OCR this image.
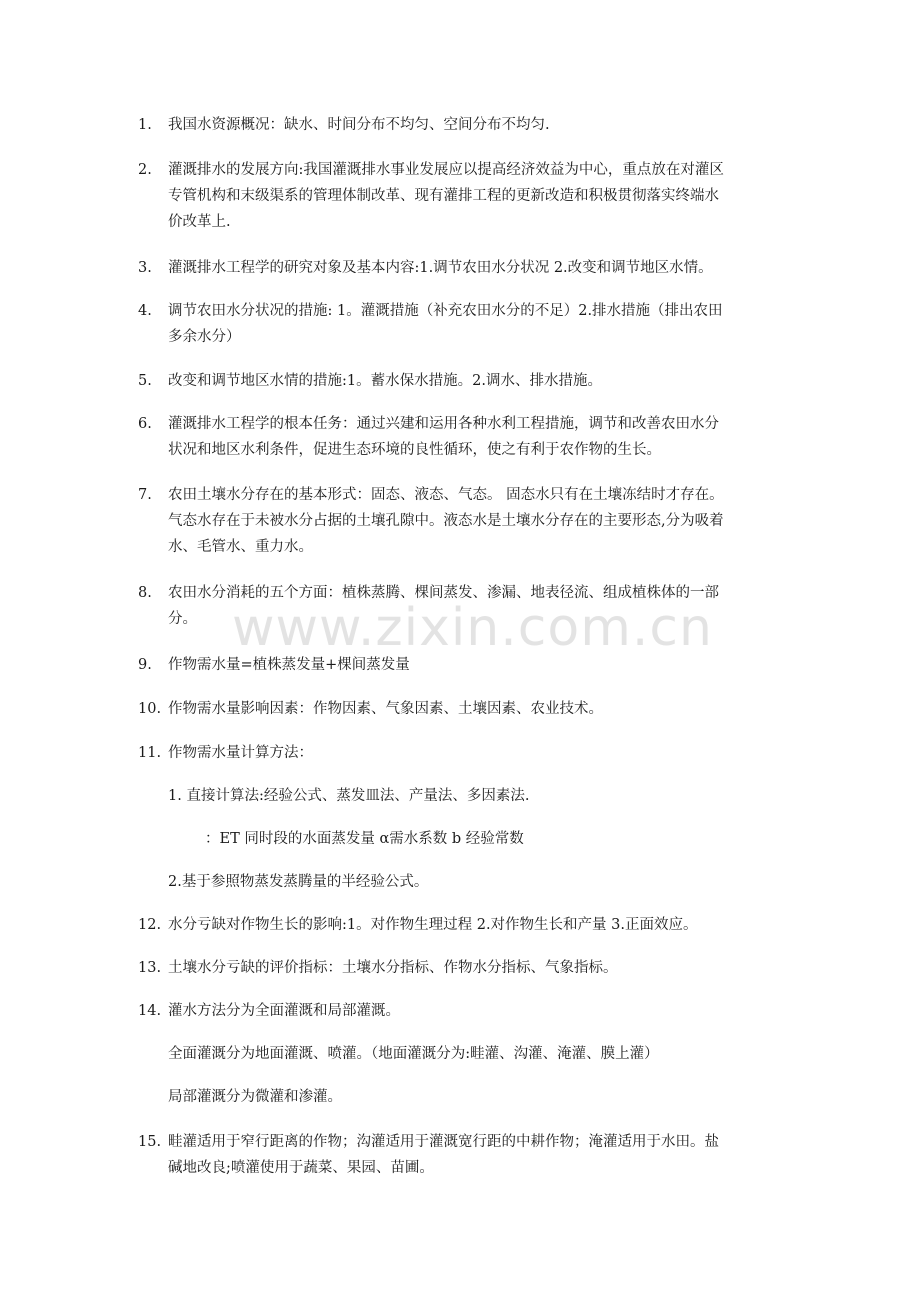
www.zixin.com.cn
1.	我国水资源概况：缺水、时间分布不均匀、空间分布不均匀.
2.	灌溉排水的发展方向:我国灌溉排水事业发展应以提高经济效益为中心，重点放在对灌区
专管机构和末级渠系的管理体制改革、现有灌排工程的更新改造和积极贯彻落实终端水
价改革上.
3.	灌溉排水工程学的研究对象及基本内容:1.调节农田水分状况 2.改变和调节地区水情。
4.	调节农田水分状况的措施: 1。灌溉措施（补充农田水分的不足）2.排水措施（排出农田
多余水分）
5.	改变和调节地区水情的措施:1。蓄水保水措施。2.调水、排水措施。
6.	灌溉排水工程学的根本任务：通过兴建和运用各种水利工程措施，调节和改善农田水分
状况和地区水利条件，促进生态环境的良性循环，使之有利于农作物的生长。
7.	农田土壤水分存在的基本形式：固态、液态、气态。 固态水只有在土壤冻结时才存在。
气态水存在于未被水分占据的土壤孔隙中。液态水是土壤水分存在的主要形态,分为吸着
水、毛管水、重力水。
8.	农田水分消耗的五个方面：植株蒸腾、棵间蒸发、渗漏、地表径流、组成植株体的一部
分。
9.	作物需水量=植株蒸发量+棵间蒸发量
10. 作物需水量影响因素：作物因素、气象因素、土壤因素、农业技术。
11. 作物需水量计算方法：
1. 直接计算法:经验公式、蒸发皿法、产量法、多因素法.
：ET 同时段的水面蒸发量 α需水系数 b 经验常数
2.基于参照物蒸发蒸腾量的半经验公式。
12. 水分亏缺对作物生长的影响:1。对作物生理过程 2.对作物生长和产量 3.正面效应。
13. 土壤水分亏缺的评价指标：土壤水分指标、作物水分指标、气象指标。
14. 灌水方法分为全面灌溉和局部灌溉。
全面灌溉分为地面灌溉、喷灌。（地面灌溉分为:畦灌、沟灌、淹灌、膜上灌）
局部灌溉分为微灌和渗灌。
15. 畦灌适用于窄行距离的作物；沟灌适用于灌溉宽行距的中耕作物；淹灌适用于水田。盐
碱地改良;喷灌使用于蔬菜、果园、苗圃。
